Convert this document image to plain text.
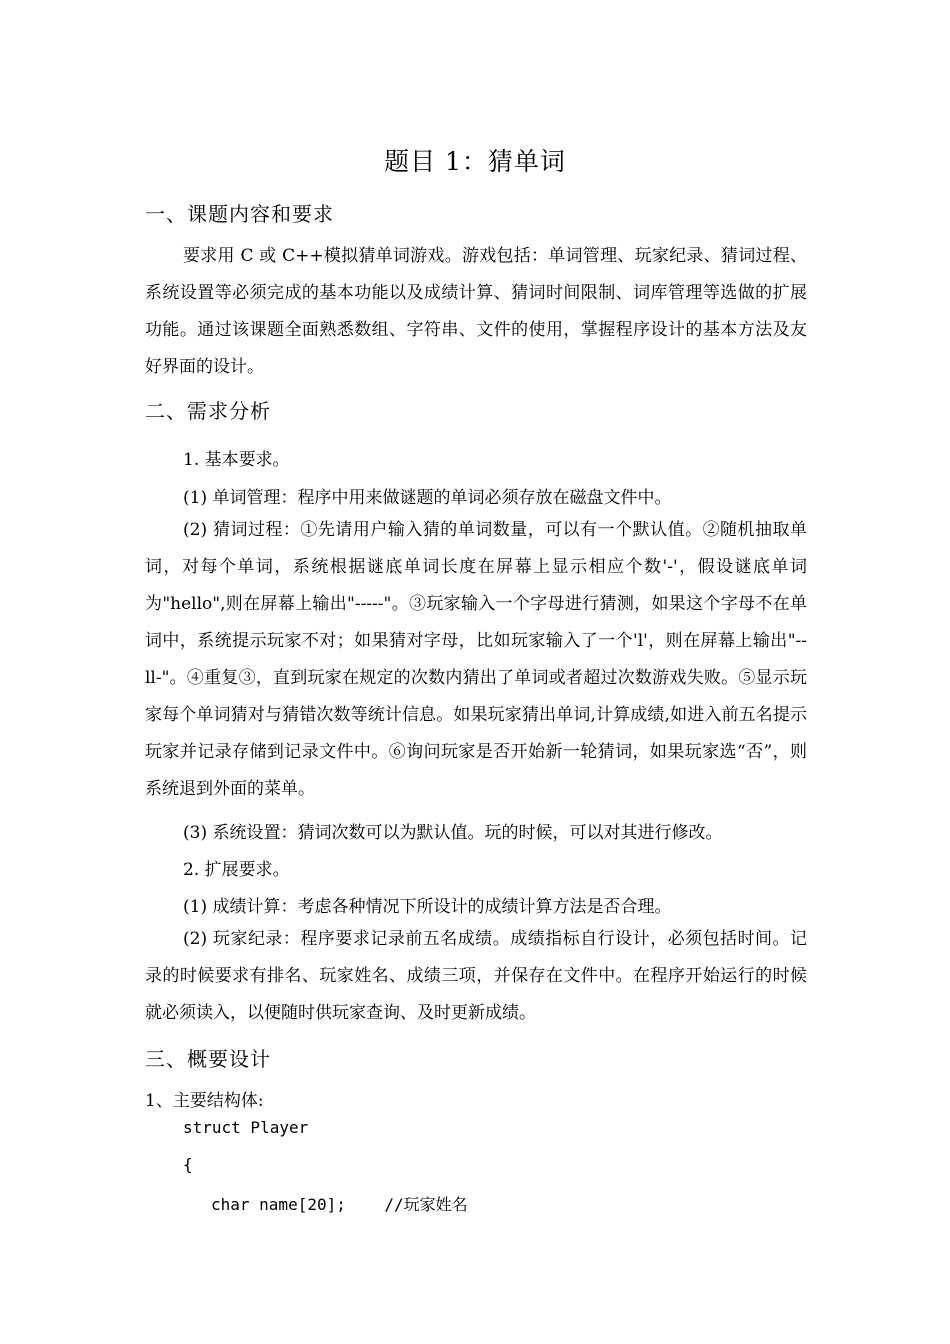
题目 1：猜单词
一、课题内容和要求
要求用 C 或 C++模拟猜单词游戏。游戏包括：单词管理、玩家纪录、猜词过程、系统设置等必须完成的基本功能以及成绩计算、猜词时间限制、词库管理等选做的扩展功能。通过该课题全面熟悉数组、字符串、文件的使用，掌握程序设计的基本方法及友好界面的设计。
二、需求分析
1. 基本要求。
(1) 单词管理：程序中用来做谜题的单词必须存放在磁盘文件中。
(2) 猜词过程：①先请用户输入猜的单词数量，可以有一个默认值。②随机抽取单词，对每个单词，系统根据谜底单词长度在屏幕上显示相应个数'-'，假设谜底单词为"hello",则在屏幕上输出"-----"。③玩家输入一个字母进行猜测，如果这个字母不在单词中，系统提示玩家不对；如果猜对字母，比如玩家输入了一个'l'，则在屏幕上输出"--ll-"。④重复③，直到玩家在规定的次数内猜出了单词或者超过次数游戏失败。⑤显示玩家每个单词猜对与猜错次数等统计信息。如果玩家猜出单词,计算成绩,如进入前五名提示玩家并记录存储到记录文件中。⑥询问玩家是否开始新一轮猜词，如果玩家选“否”，则系统退到外面的菜单。
(3) 系统设置：猜词次数可以为默认值。玩的时候，可以对其进行修改。
2. 扩展要求。
(1) 成绩计算：考虑各种情况下所设计的成绩计算方法是否合理。
(2) 玩家纪录：程序要求记录前五名成绩。成绩指标自行设计，必须包括时间。记录的时候要求有排名、玩家姓名、成绩三项，并保存在文件中。在程序开始运行的时候就必须读入，以便随时供玩家查询、及时更新成绩。
三、概要设计
1、主要结构体:
struct Player
{
char name[20];    //玩家姓名
